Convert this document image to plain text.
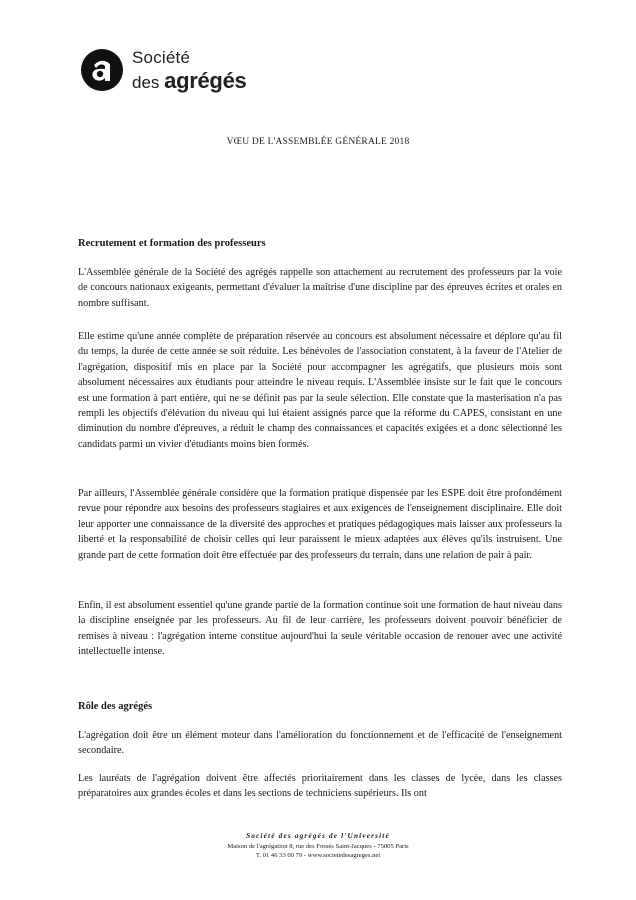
Société
des agrégés
VŒU DE L'ASSEMBLÉE GÉNÉRALE 2018
Recrutement et formation des professeurs

L'Assemblée générale de la Société des agrégés rappelle son attachement au recrutement des professeurs par la voie de concours nationaux exigeants, permettant d'évaluer la maîtrise d'une discipline par des épreuves écrites et orales en nombre suffisant.

Elle estime qu'une année complète de préparation réservée au concours est absolument nécessaire et déplore qu'au fil du temps, la durée de cette année se soit réduite. Les bénévoles de l'association constatent, à la faveur de l'Atelier de l'agrégation, dispositif mis en place par la Société pour accompagner les agrégatifs, que plusieurs mois sont absolument nécessaires aux étudiants pour atteindre le niveau requis. L'Assemblée insiste sur le fait que le concours est une formation à part entière, qui ne se définit pas par la seule sélection. Elle constate que la masterisation n'a pas rempli les objectifs d'élévation du niveau qui lui étaient assignés parce que la réforme du CAPES, consistant en une diminution du nombre d'épreuves, a réduit le champ des connaissances et capacités exigées et a donc sélectionné les candidats parmi un vivier d'étudiants moins bien formés.

Par ailleurs, l'Assemblée générale considère que la formation pratique dispensée par les ESPE doit être profondément revue pour répondre aux besoins des professeurs stagiaires et aux exigences de l'enseignement disciplinaire. Elle doit leur apporter une connaissance de la diversité des approches et pratiques pédagogiques mais laisser aux professeurs la liberté et la responsabilité de choisir celles qui leur paraissent le mieux adaptées aux élèves qu'ils instruisent. Une grande part de cette formation doit être effectuée par des professeurs du terrain, dans une relation de pair à pair.

Enfin, il est absolument essentiel qu'une grande partie de la formation continue soit une formation de haut niveau dans la discipline enseignée par les professeurs. Au fil de leur carrière, les professeurs doivent pouvoir bénéficier de remises à niveau : l'agrégation interne constitue aujourd'hui la seule véritable occasion de renouer avec une activité intellectuelle intense.

Rôle des agrégés

L'agrégation doit être un élément moteur dans l'amélioration du fonctionnement et de l'efficacité de l'enseignement secondaire.

Les lauréats de l'agrégation doivent être affectés prioritairement dans les classes de lycée, dans les classes préparatoires aux grandes écoles et dans les sections de techniciens supérieurs. Ils ont

Société des agrégés de l'Université
Maison de l'agrégation 8, rue des Fossés Saint-Jacques - 75005 Paris
T. 01 46 33 00 79 - www.societedesagreges.net
